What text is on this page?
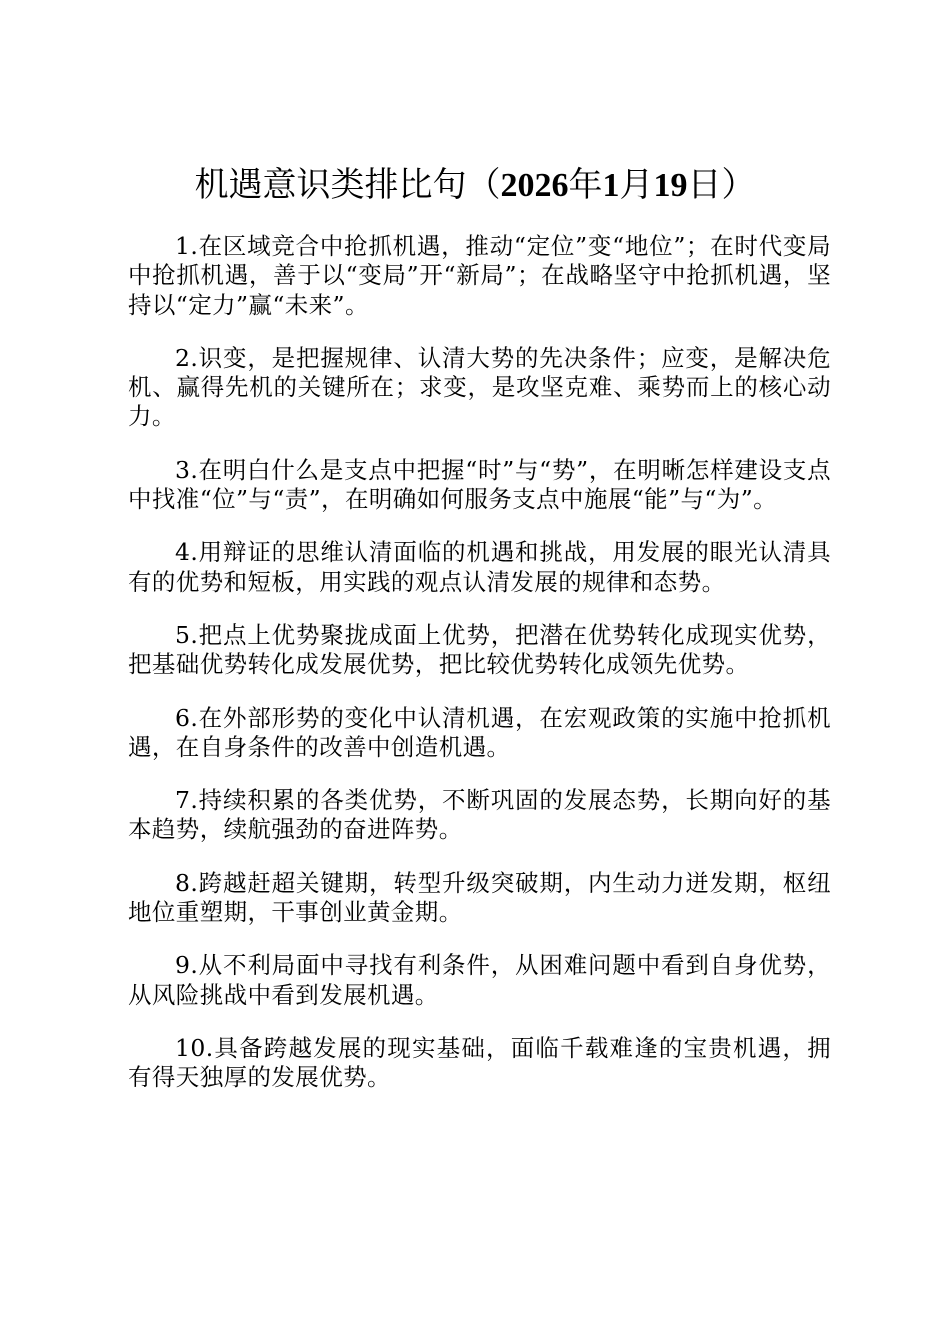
机遇意识类排比句（2026年1月19日）
1.在区域竞合中抢抓机遇，推动“定位”变“地位”；在时代变局中抢抓机遇，善于以“变局”开“新局”；在战略坚守中抢抓机遇，坚持以“定力”赢“未来”。
2.识变，是把握规律、认清大势的先决条件；应变，是解决危机、赢得先机的关键所在；求变，是攻坚克难、乘势而上的核心动力。
3.在明白什么是支点中把握“时”与“势”，在明晰怎样建设支点中找准“位”与“责”，在明确如何服务支点中施展“能”与“为”。
4.用辩证的思维认清面临的机遇和挑战，用发展的眼光认清具有的优势和短板，用实践的观点认清发展的规律和态势。
5.把点上优势聚拢成面上优势，把潜在优势转化成现实优势，把基础优势转化成发展优势，把比较优势转化成领先优势。
6.在外部形势的变化中认清机遇，在宏观政策的实施中抢抓机遇，在自身条件的改善中创造机遇。
7.持续积累的各类优势，不断巩固的发展态势，长期向好的基本趋势，续航强劲的奋进阵势。
8.跨越赶超关键期，转型升级突破期，内生动力迸发期，枢纽地位重塑期，干事创业黄金期。
9.从不利局面中寻找有利条件，从困难问题中看到自身优势，从风险挑战中看到发展机遇。
10.具备跨越发展的现实基础，面临千载难逢的宝贵机遇，拥有得天独厚的发展优势。
